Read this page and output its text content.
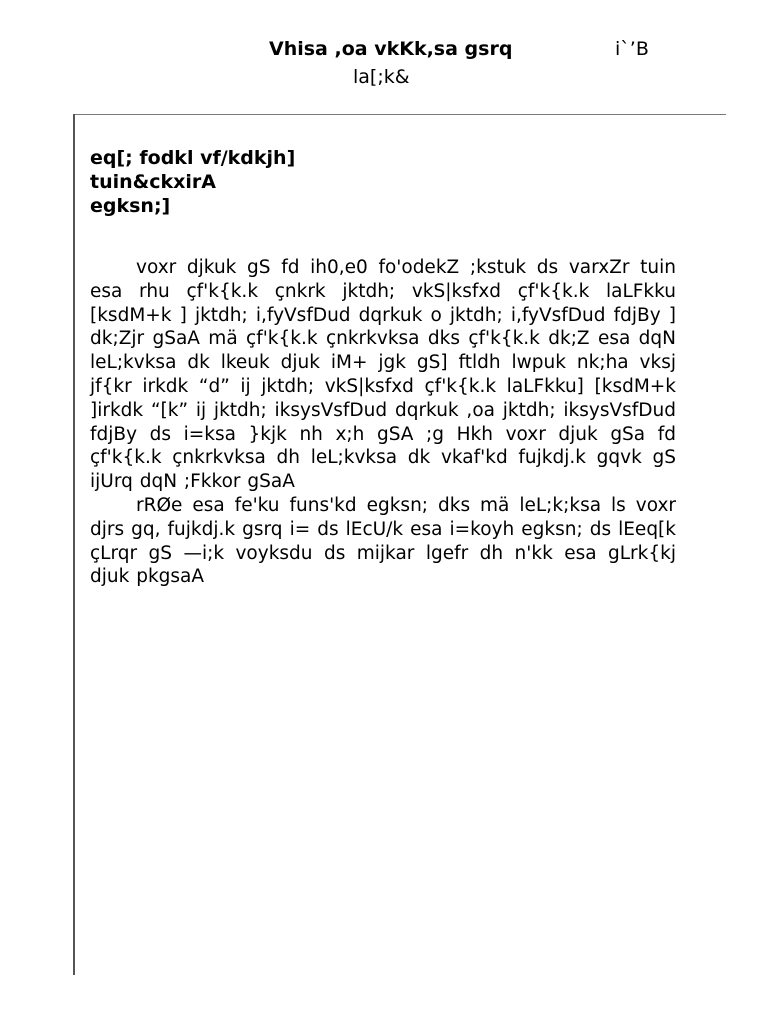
Vhisa ,oa vkKk,sa gsrq	i`’B
la[;k&
eq[; fodkl vf/kdkjh]
tuin&ckxirA
egksn;]

voxr djkuk gS fd ih0,e0 fo'odekZ ;kstuk ds varxZr tuin esa rhu çf'k{k.k çnkrk jktdh; vkS|ksfxd çf'k{k.k laLFkku [ksdM+k ] jktdh; i,fyVsfDud dqrkuk o jktdh; i,fyVsfDud fdjBy ] dk;Zjr gSaA mä çf'k{k.k çnkrkvksa dks çf'k{k.k dk;Z esa dqN leL;kvksa dk lkeuk djuk iM+ jgk gS] ftldh lwpuk nk;ha vksj jf{kr irkdk “d” ij jktdh; vkS|ksfxd çf'k{k.k laLFkku] [ksdM+k ]irkdk “[k” ij jktdh; iksysVsfDud dqrkuk ,oa jktdh; iksysVsfDud fdjBy ds i=ksa }kjk nh x;h gSA ;g Hkh voxr djuk gSa fd çf'k{k.k çnkrkvksa dh leL;kvksa dk vkaf'kd fujkdj.k gqvk gS ijUrq dqN ;Fkkor gSaA

rRØe esa fe'ku funs'kd egksn; dks mä leL;k;ksa ls voxr djrs gq, fujkdj.k gsrq i= ds lEcU/k esa i=koyh egksn; ds lEeq[k çLrqr gS —i;k voyksdu ds mijkar lgefr dh n'kk esa gLrk{kj djuk pkgsaA
